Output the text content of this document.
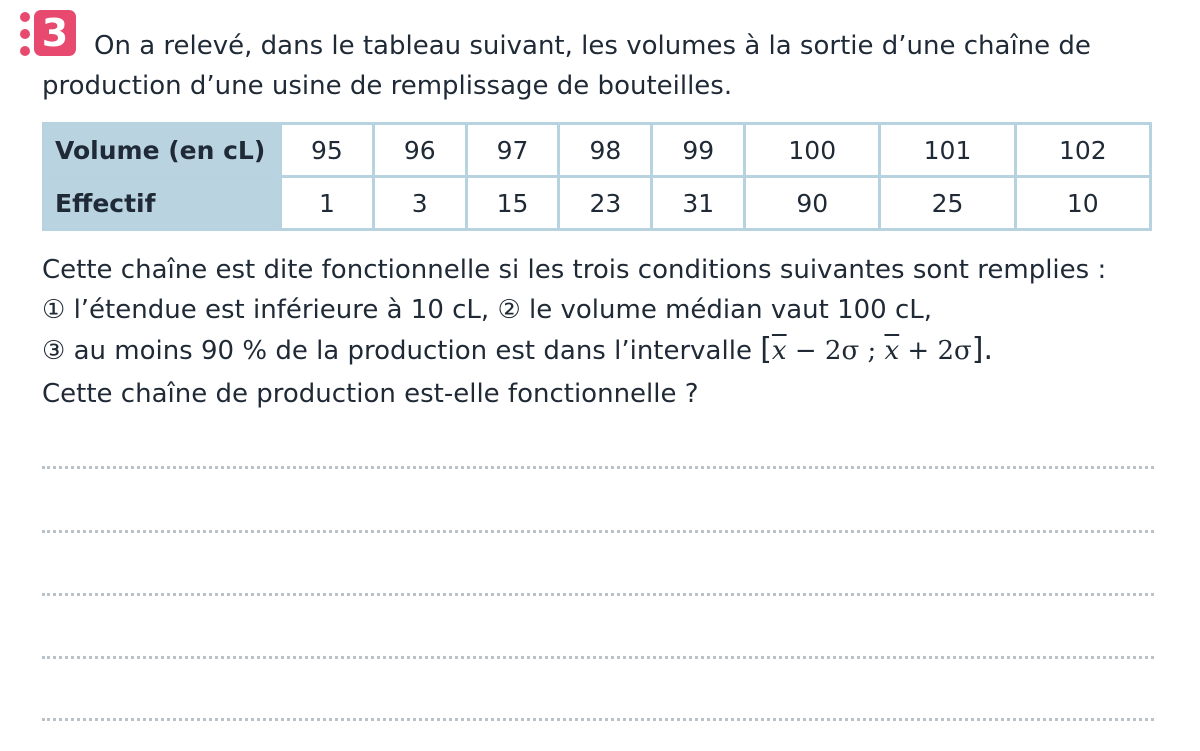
3 On a relevé, dans le tableau suivant, les volumes à la sortie d’une chaîne de
production d’une usine de remplissage de bouteilles.
Volume (en cL)	95	96	97	98	99	100	101	102
Effectif	1	3	15	23	31	90	25	10

Cette chaîne est dite fonctionnelle si les trois conditions suivantes sont remplies :

① l’étendue est inférieure à 10 cL, ② le volume médian vaut 100 cL,

③ au moins 90 % de la production est dans l’intervalle [$\overline{x} - 2\sigma$ ; $\overline{x} + 2\sigma$].

Cette chaîne de production est-elle fonctionnelle ?
